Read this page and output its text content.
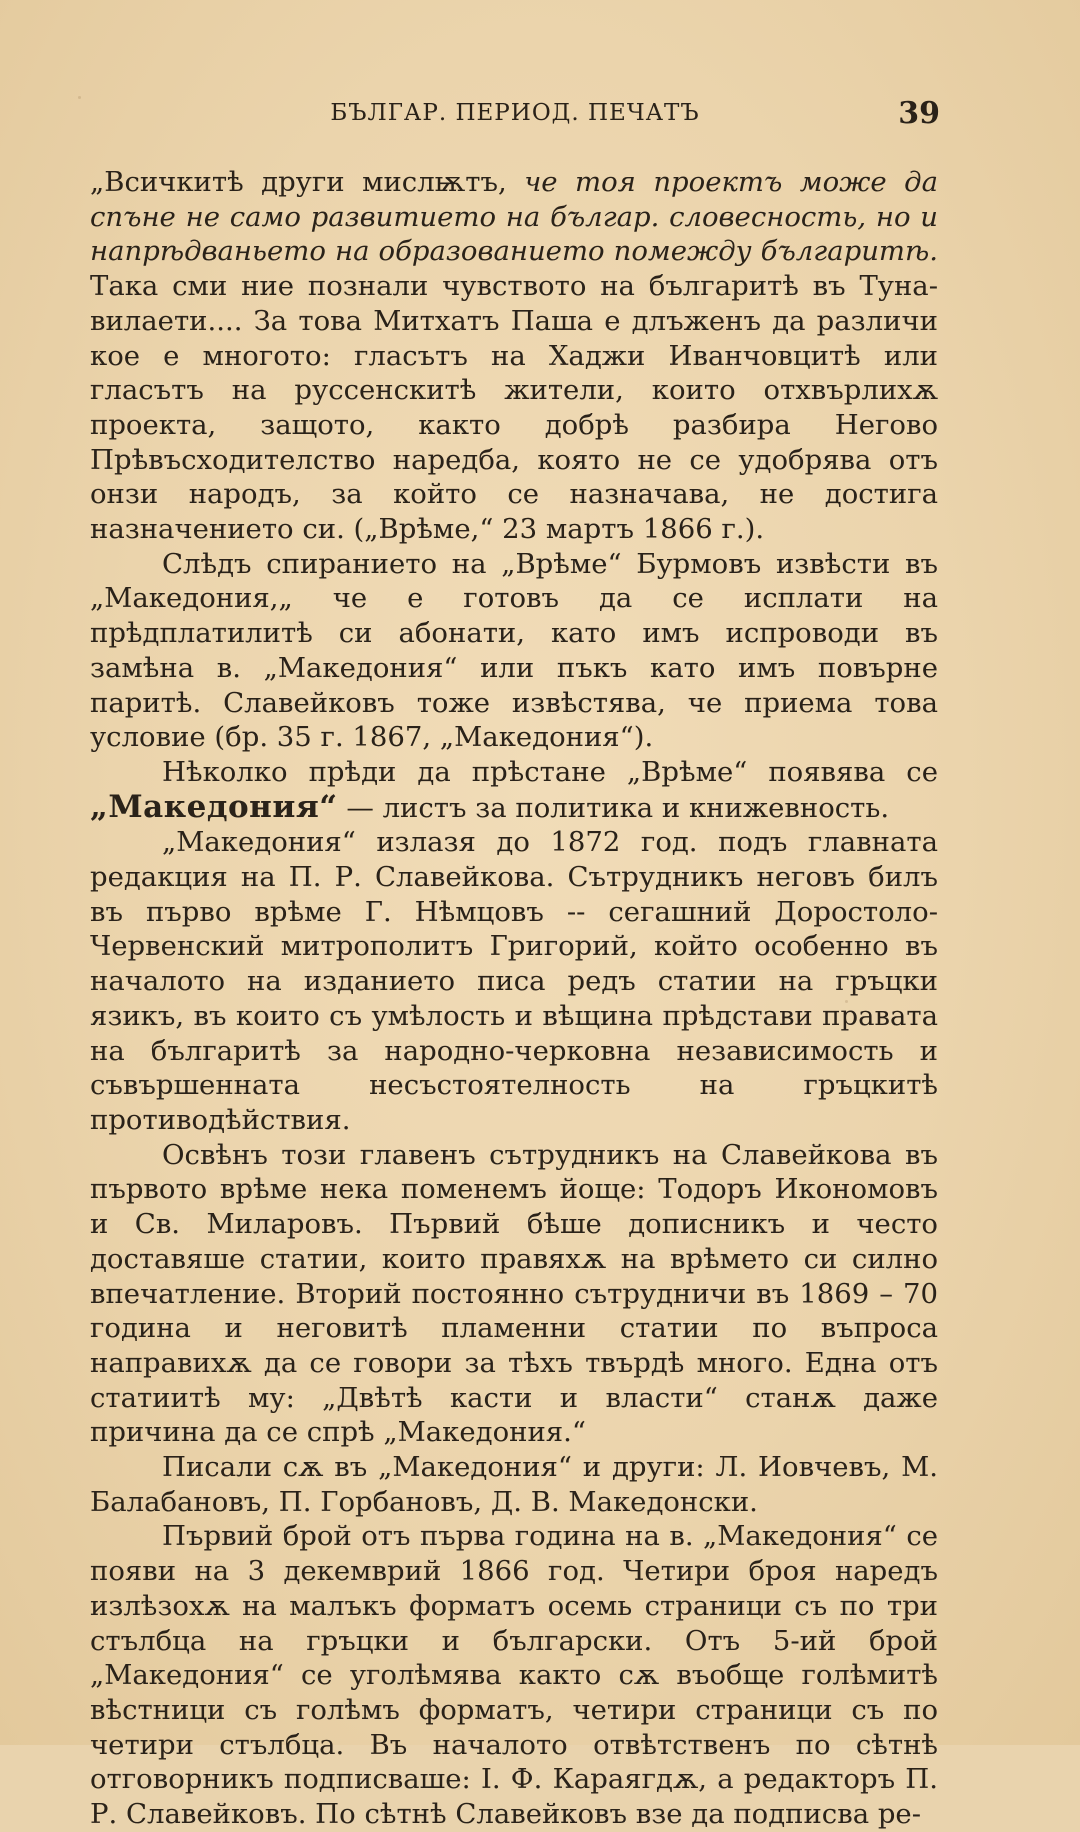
БЪЛГАР. ПЕРИОД. ПЕЧАТЪ	39

„Всичкитѣ други мислѭтъ, че тоя проектъ може да спъне не само развитието на българ. словесность, но и напрѣдваньето на образованието помежду българитѣ. Така сми ние познали чувството на българитѣ въ Туна-вилаети.... За това Митхатъ Паша е длъженъ да различи кое е многото: гласътъ на Хаджи Иванчовцитѣ или гласътъ на руссенскитѣ жители, които отхвърлихѫ проекта, защото, както добрѣ разбира Негово Прѣвъсходителство наредба, която не се удобрява отъ онзи народъ, за който се назначава, не достига назначението си. („Врѣме,“ 23 мартъ 1866 г.).

Слѣдъ спиранието на „Врѣме“ Бурмовъ извѣсти въ „Македония,„ че е готовъ да се исплати на прѣдплатилитѣ си абонати, като имъ испроводи въ замѣна в. „Македония“ или пъкъ като имъ повърне паритѣ. Славейковъ тоже извѣстява, че приема това условие (бр. 35 г. 1867, „Македония“).

Нѣколко прѣди да прѣстане „Врѣме“ появява се „Македония“ — листъ за политика и книжевность.

„Македония“ излазя до 1872 год. подъ главната редакция на П. Р. Славейкова. Сътрудникъ неговъ билъ въ първо врѣме Г. Нѣмцовъ -- сегашний Доростоло-Червенский митрополитъ Григорий, който особенно въ началото на изданието писа редъ статии на гръцки язикъ, въ които съ умѣлость и вѣщина прѣдстави правата на българитѣ за народно-черковна независимость и съвършенната несъстоятелность на гръцкитѣ противодѣйствия.

Освѣнъ този главенъ сътрудникъ на Славейкова въ първото врѣме нека поменемъ йоще: Тодоръ Икономовъ и Св. Миларовъ. Първий бѣше дописникъ и често доставяше статии, които правяхѫ на врѣмето си силно впечатление. Вторий постоянно сътрудничи въ 1869 – 70 година и неговитѣ пламенни статии по въпроса направихѫ да се говори за тѣхъ твърдѣ много. Една отъ статиитѣ му: „Двѣтѣ касти и власти“ станѫ даже причина да се спрѣ „Македония.“

Писали сѫ въ „Македония“ и други: Л. Иовчевъ, М. Балабановъ, П. Горбановъ, Д. В. Македонски.

Първий брой отъ първа година на в. „Македония“ се появи на 3 декемврий 1866 год. Четири броя наредъ излѣзохѫ на малъкъ форматъ осемь страници съ по три стълбца на гръцки и български. Отъ 5-ий брой „Македония“ се уголѣмява както сѫ въобще голѣмитѣ вѣстници съ голѣмъ форматъ, четири страници съ по четири стълбца. Въ началото отвѣтственъ по сѣтнѣ отговорникъ подписваше: I. Ф. Караягдѫ, а редакторъ П. Р. Славейковъ. По сѣтнѣ Славейковъ взе да подписва ре-
